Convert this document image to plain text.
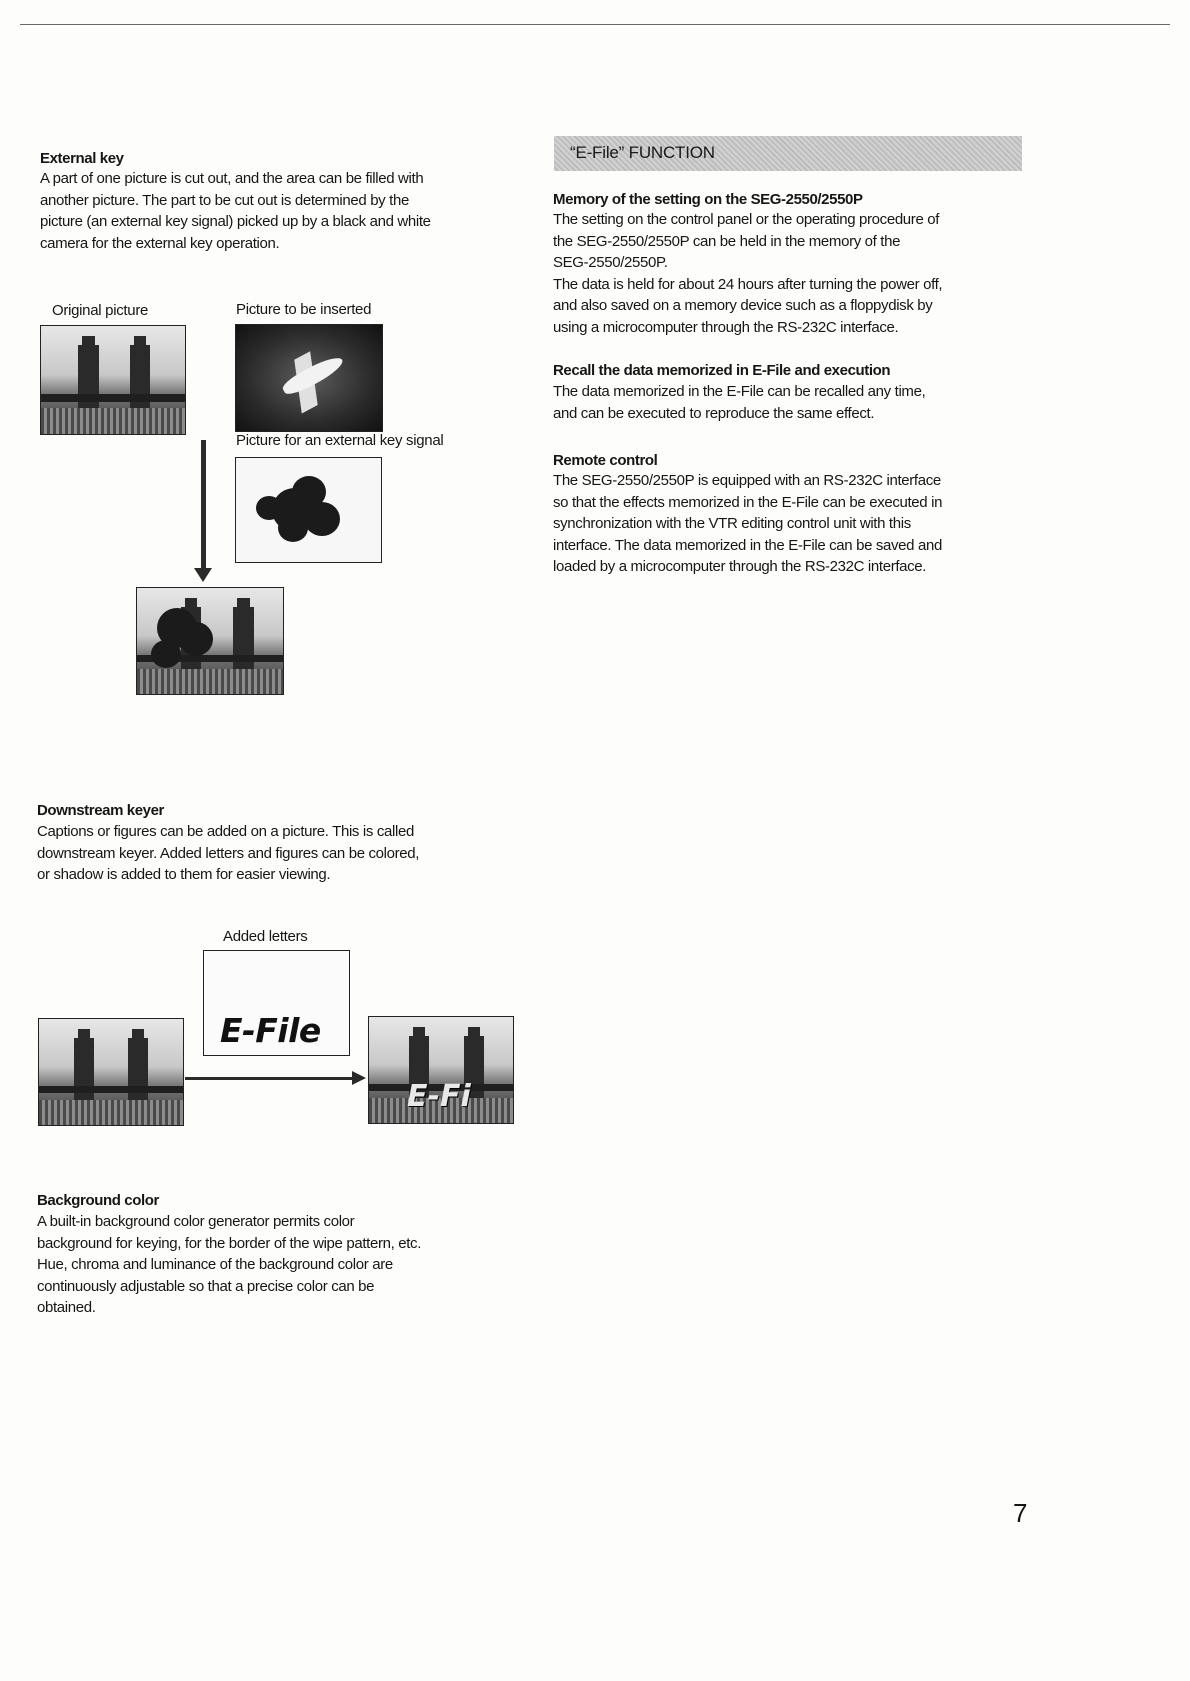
External key
A part of one picture is cut out, and the area can be filled with
another picture. The part to be cut out is determined by the
picture (an external key signal) picked up by a black and white
camera for the external key operation.
Original picture	Picture to be inserted
Picture for an external key signal
Downstream keyer
Captions or figures can be added on a picture. This is called
downstream keyer. Added letters and figures can be colored,
or shadow is added to them for easier viewing.
Added letters
E-File
E-Fi
Background color
A built-in background color generator permits color
background for keying, for the border of the wipe pattern, etc.
Hue, chroma and luminance of the background color are
continuously adjustable so that a precise color can be
obtained.
“E-File” FUNCTION
Memory of the setting on the SEG-2550/2550P
The setting on the control panel or the operating procedure of
the SEG-2550/2550P can be held in the memory of the
SEG-2550/2550P.
The data is held for about 24 hours after turning the power off,
and also saved on a memory device such as a floppydisk by
using a microcomputer through the RS-232C interface.
Recall the data memorized in E-File and execution
The data memorized in the E-File can be recalled any time,
and can be executed to reproduce the same effect.
Remote control
The SEG-2550/2550P is equipped with an RS-232C interface
so that the effects memorized in the E-File can be executed in
synchronization with the VTR editing control unit with this
interface. The data memorized in the E-File can be saved and
loaded by a microcomputer through the RS-232C interface.
7
